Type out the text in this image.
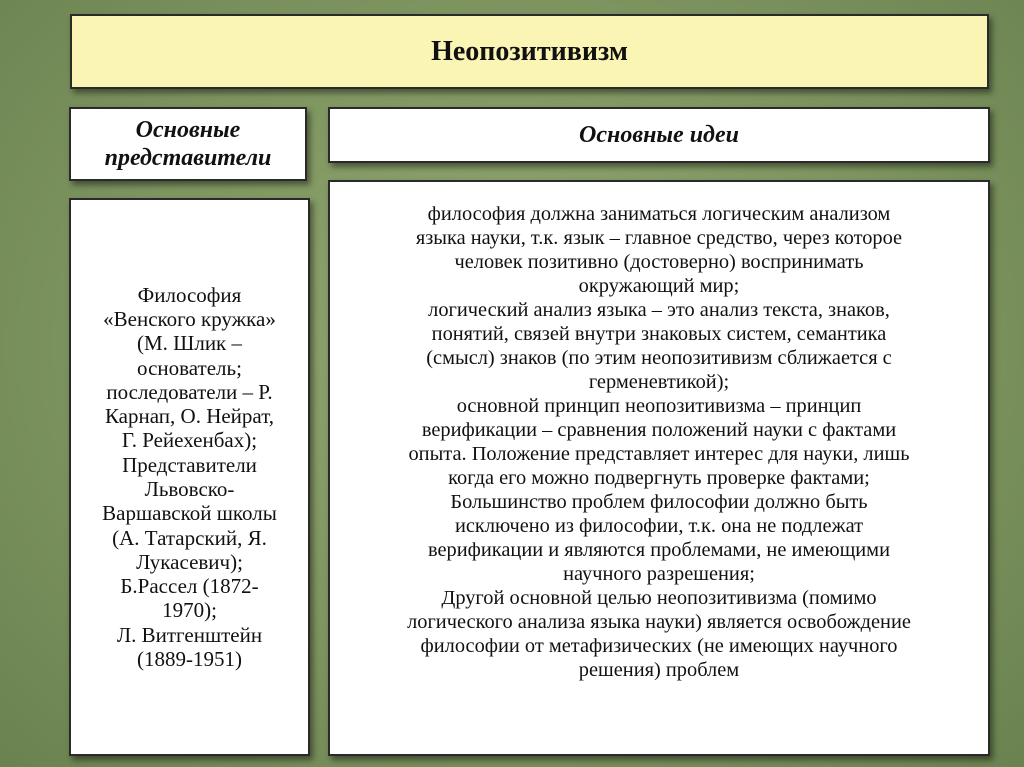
Неопозитивизм
Основные
представители
Основные идеи
Философия
«Венского кружка»
(М. Шлик –
основатель;
последователи – Р.
Карнап, О. Нейрат,
Г. Рейехенбах);
Представители
Львовско-
Варшавской школы
(А. Татарский, Я.
Лукасевич);
Б.Рассел (1872-
1970);
Л. Витгенштейн
(1889-1951)
философия должна заниматься логическим анализом
языка науки, т.к. язык – главное средство, через которое
человек позитивно (достоверно) воспринимать
окружающий мир;
логический анализ языка – это анализ текста, знаков,
понятий, связей внутри знаковых систем, семантика
(смысл) знаков (по этим неопозитивизм сближается с
герменевтикой);
основной принцип неопозитивизма – принцип
верификации – сравнения положений науки с фактами
опыта. Положение представляет интерес для науки, лишь
когда его можно подвергнуть проверке фактами;
Большинство проблем философии должно быть
исключено из философии, т.к. она не подлежат
верификации и являются проблемами, не имеющими
научного разрешения;
Другой основной целью неопозитивизма (помимо
логического анализа языка науки) является освобождение
философии от метафизических (не имеющих научного
решения) проблем
Межевикова О.П
